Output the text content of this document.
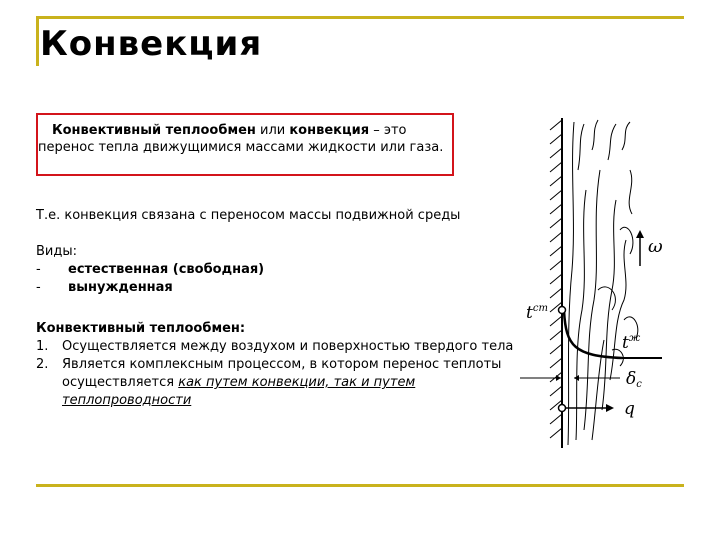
Конвекция
Конвективный теплообмен или конвекция – это перенос тепла движущимися массами жидкости или газа.
Т.е. конвекция связана с переносом массы подвижной среды
Виды:
-	естественная (свободная)
-	вынужденная
Конвективный теплообмен:
1.	Осуществляется между воздухом и поверхностью твердого тела
2.	Является комплексным процессом, в котором перенос теплоты осуществляется как путем конвекции, так и путем теплопроводности
$t^{ст}$
$t^ж$
ω
δс
q
